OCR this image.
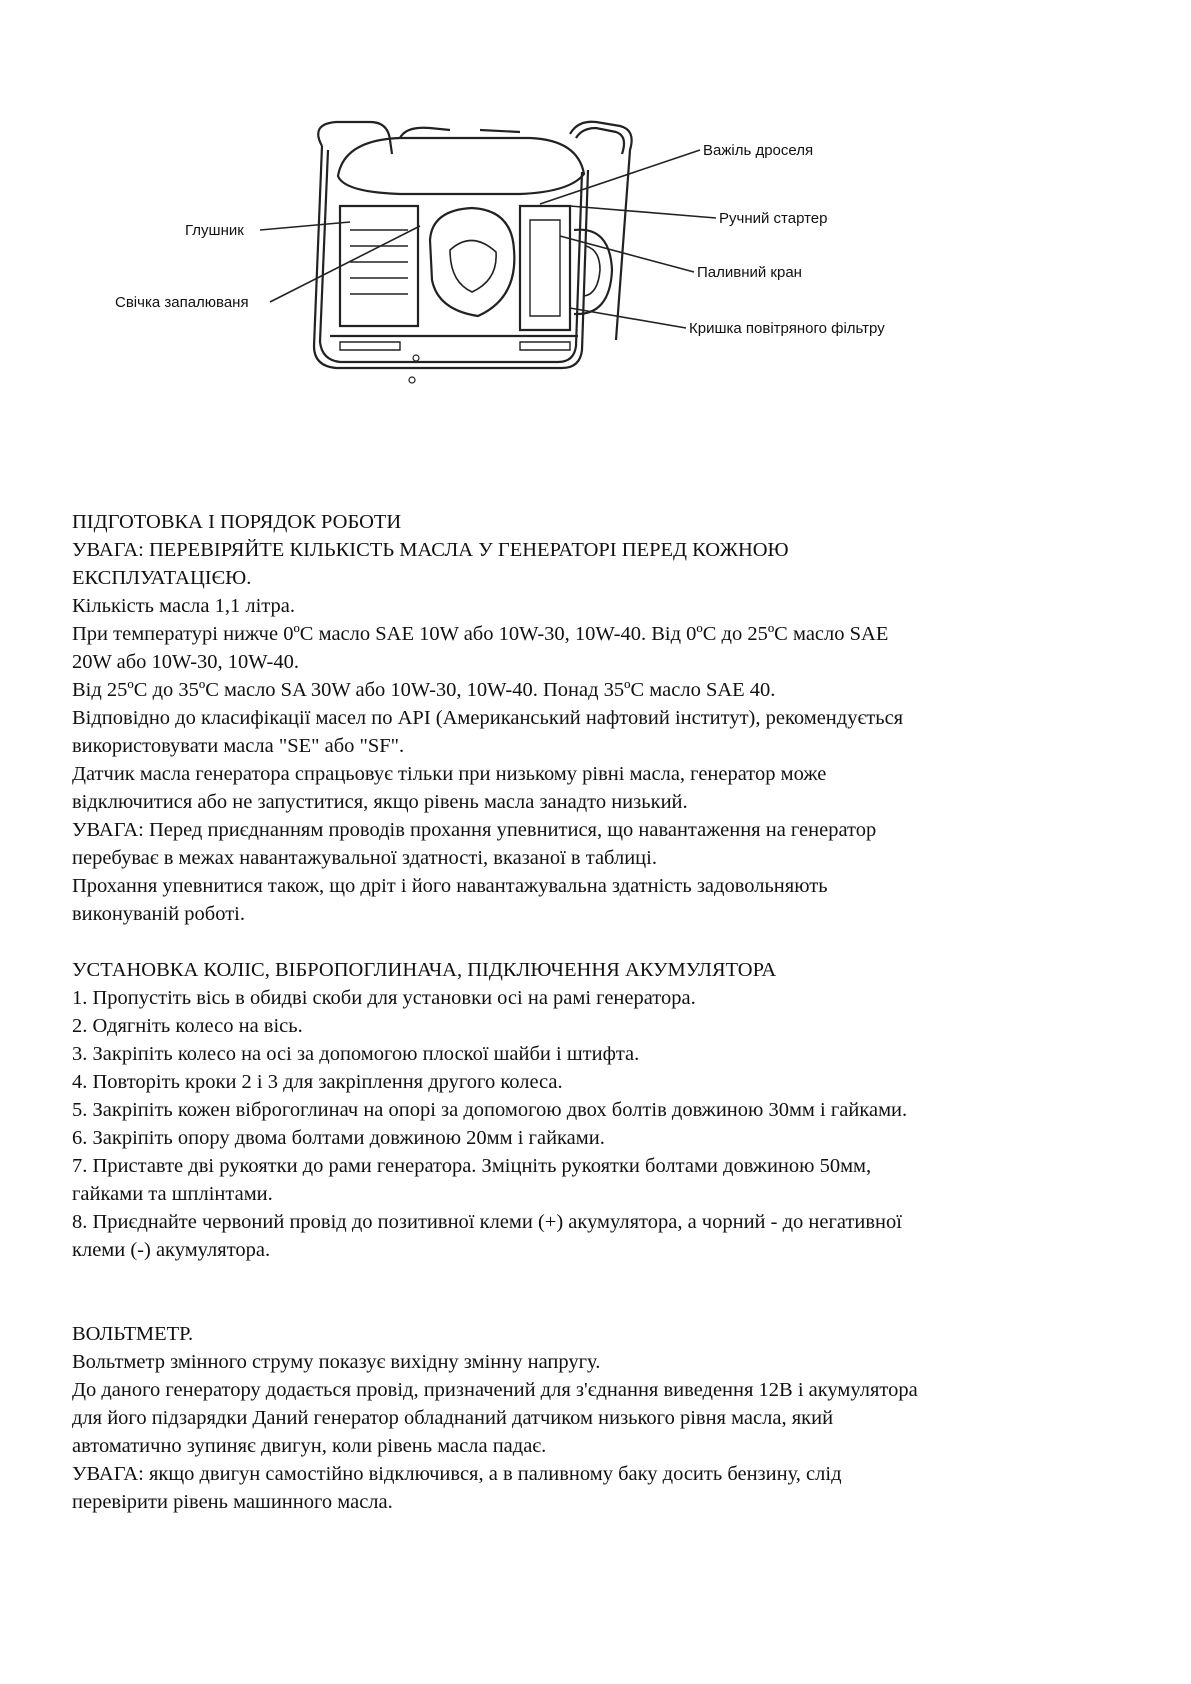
Важіль дроселя
Ручний стартер
Паливний кран
Кришка повітряного фільтру
Глушник
Свічка запалюваня

ПІДГОТОВКА І ПОРЯДОК РОБОТИ

УВАГА: ПЕРЕВІРЯЙТЕ КІЛЬКІСТЬ МАСЛА У ГЕНЕРАТОРІ ПЕРЕД КОЖНОЮ

ЕКСПЛУАТАЦІЄЮ.

Кількість масла 1,1 літра.

При температурі нижче 0ºС масло SAE 10W або 10W-30, 10W-40. Від 0ºС до 25ºС масло SAE

20W або 10W-30, 10W-40.

Від 25ºС до 35ºС масло SA 30W або 10W-30, 10W-40. Понад 35ºС масло SAE 40.

Відповідно до класифікації масел по API (Американський нафтовий інститут), рекомендується

використовувати масла "SE" або "SF".

Датчик масла генератора спрацьовує тільки при низькому рівні масла, генератор може

відключитися або не запуститися, якщо рівень масла занадто низький.

УВАГА: Перед приєднанням проводів прохання упевнитися, що навантаження на генератор

перебуває в межах навантажувальної здатності, вказаної в таблиці.

Прохання упевнитися також, що дріт і його навантажувальна здатність задовольняють

виконуваній роботі.

УСТАНОВКА КОЛІС, ВІБРОПОГЛИНАЧА, ПІДКЛЮЧЕННЯ АКУМУЛЯТОРА

1. Пропустіть вісь в обидві скоби для установки осі на рамі генератора.

2. Одягніть колесо на вісь.

3. Закріпіть колесо на осі за допомогою плоскої шайби і штифта.

4. Повторіть кроки 2 і 3 для закріплення другого колеса.

5. Закріпіть кожен віброгоглинач на опорі за допомогою двох болтів довжиною 30мм і гайками.

6. Закріпіть опору двома болтами довжиною 20мм і гайками.

7. Приставте дві рукоятки до рами генератора. Зміцніть рукоятки болтами довжиною 50мм,

гайками та шплінтами.

8. Приєднайте червоний провід до позитивної клеми (+) акумулятора, а чорний - до негативної

клеми (-) акумулятора.

ВОЛЬТМЕТР.

Вольтметр змінного струму показує вихідну змінну напругу.

До даного генератору додається провід, призначений для з'єднання виведення 12В і акумулятора

для його підзарядки Даний генератор обладнаний датчиком низького рівня масла, який

автоматично зупиняє двигун, коли рівень масла падає.

УВАГА: якщо двигун самостійно відключився, а в паливному баку досить бензину, слід

перевірити рівень машинного масла.
